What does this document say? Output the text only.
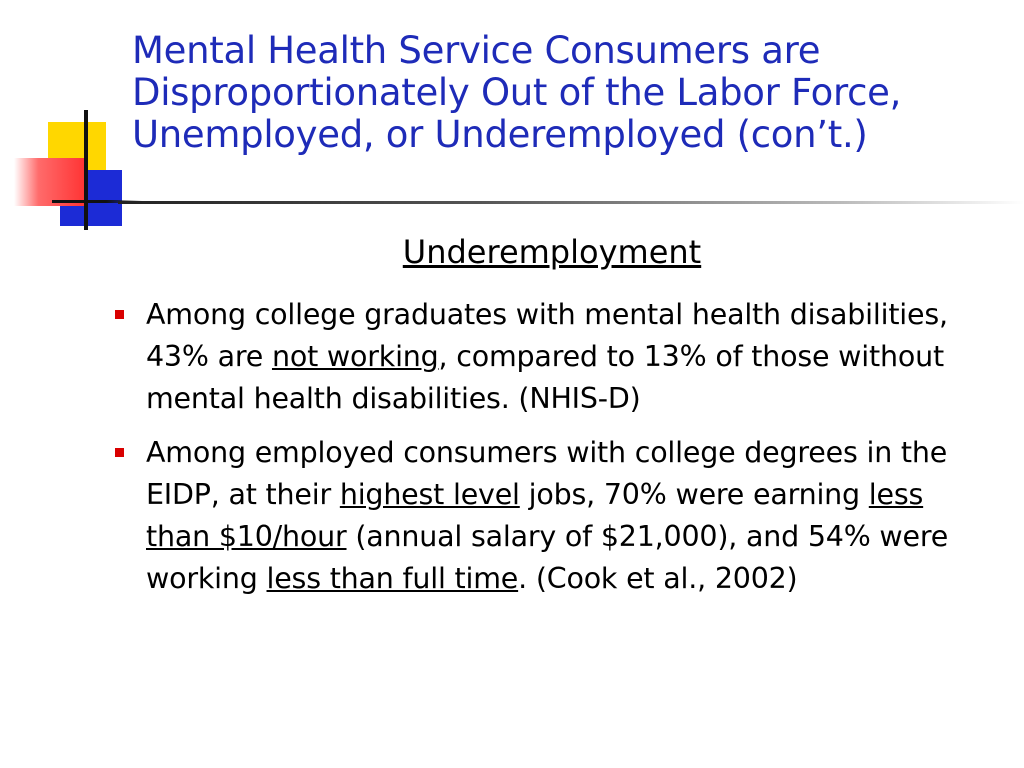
Mental Health Service Consumers are
Disproportionately Out of the Labor Force,
Unemployed, or Underemployed (con’t.)
Underemployment
Among college graduates with mental health disabilities, 43% are not working, compared to 13% of those without mental health disabilities. (NHIS-D)
Among employed consumers with college degrees in the EIDP, at their highest level jobs, 70% were earning less than $10/hour (annual salary of $21,000), and 54% were working less than full time. (Cook et al., 2002)
